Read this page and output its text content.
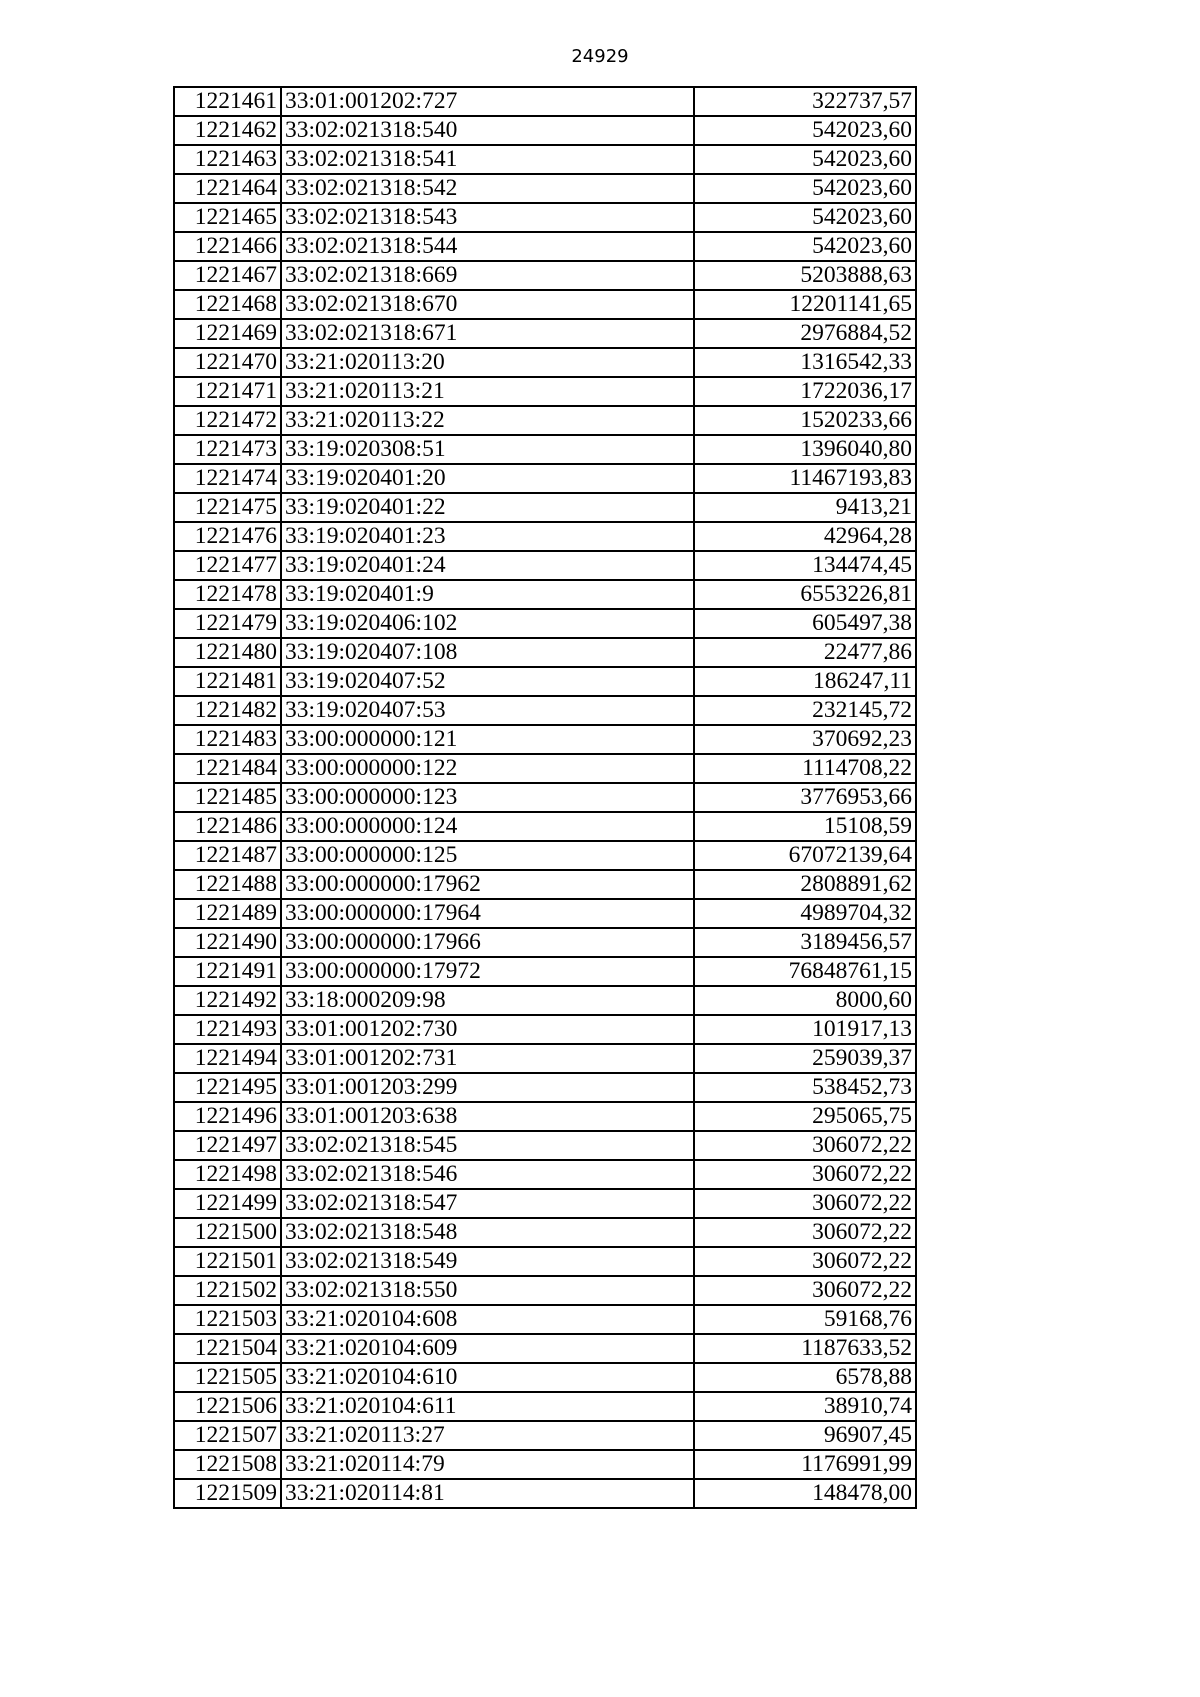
24929
1221461	33:01:001202:727	322737,57
1221462	33:02:021318:540	542023,60
1221463	33:02:021318:541	542023,60
1221464	33:02:021318:542	542023,60
1221465	33:02:021318:543	542023,60
1221466	33:02:021318:544	542023,60
1221467	33:02:021318:669	5203888,63
1221468	33:02:021318:670	12201141,65
1221469	33:02:021318:671	2976884,52
1221470	33:21:020113:20	1316542,33
1221471	33:21:020113:21	1722036,17
1221472	33:21:020113:22	1520233,66
1221473	33:19:020308:51	1396040,80
1221474	33:19:020401:20	11467193,83
1221475	33:19:020401:22	9413,21
1221476	33:19:020401:23	42964,28
1221477	33:19:020401:24	134474,45
1221478	33:19:020401:9	6553226,81
1221479	33:19:020406:102	605497,38
1221480	33:19:020407:108	22477,86
1221481	33:19:020407:52	186247,11
1221482	33:19:020407:53	232145,72
1221483	33:00:000000:121	370692,23
1221484	33:00:000000:122	1114708,22
1221485	33:00:000000:123	3776953,66
1221486	33:00:000000:124	15108,59
1221487	33:00:000000:125	67072139,64
1221488	33:00:000000:17962	2808891,62
1221489	33:00:000000:17964	4989704,32
1221490	33:00:000000:17966	3189456,57
1221491	33:00:000000:17972	76848761,15
1221492	33:18:000209:98	8000,60
1221493	33:01:001202:730	101917,13
1221494	33:01:001202:731	259039,37
1221495	33:01:001203:299	538452,73
1221496	33:01:001203:638	295065,75
1221497	33:02:021318:545	306072,22
1221498	33:02:021318:546	306072,22
1221499	33:02:021318:547	306072,22
1221500	33:02:021318:548	306072,22
1221501	33:02:021318:549	306072,22
1221502	33:02:021318:550	306072,22
1221503	33:21:020104:608	59168,76
1221504	33:21:020104:609	1187633,52
1221505	33:21:020104:610	6578,88
1221506	33:21:020104:611	38910,74
1221507	33:21:020113:27	96907,45
1221508	33:21:020114:79	1176991,99
1221509	33:21:020114:81	148478,00
